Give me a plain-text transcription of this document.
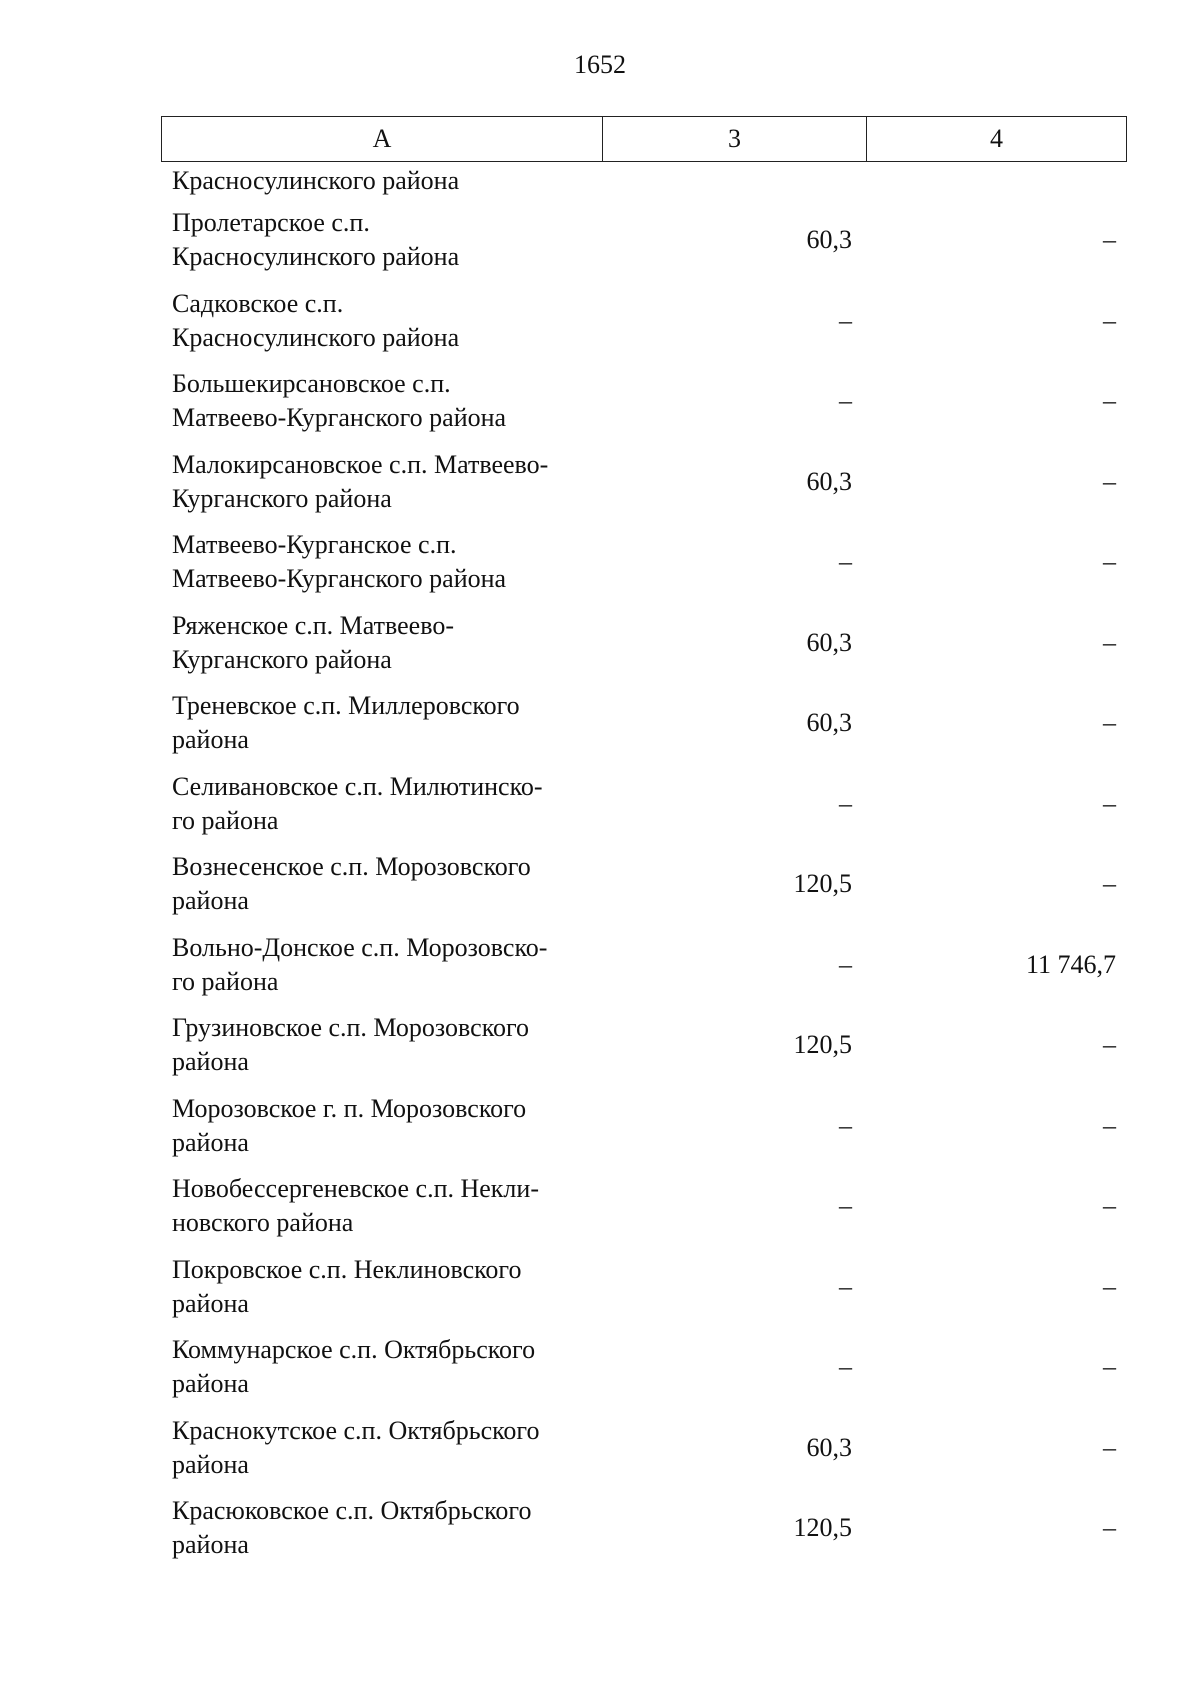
1652
А	3	4
Красносулинского района
Пролетарское с.п.
Красносулинского района
60,3	–
Садковское с.п.
Красносулинского района
–	–
Большекирсановское с.п.
Матвеево-Курганского района
–	–
Малокирсановское с.п. Матвеево-
Курганского района
60,3	–
Матвеево-Курганское с.п.
Матвеево-Курганского района
–	–
Ряженское с.п. Матвеево-
Курганского района
60,3	–
Треневское с.п. Миллеровского
района
60,3	–
Селивановское с.п. Милютинско-
го района
–	–
Вознесенское с.п. Морозовского
района
120,5	–
Вольно-Донское с.п. Морозовско-
го района
–	11 746,7
Грузиновское с.п. Морозовского
района
120,5	–
Морозовское г. п. Морозовского
района
–	–
Новобессергеневское с.п. Некли-
новского района
–	–
Покровское с.п. Неклиновского
района
–	–
Коммунарское с.п. Октябрьского
района
–	–
Краснокутское с.п. Октябрьского
района
60,3	–
Красюковское с.п. Октябрьского
района
120,5	–
